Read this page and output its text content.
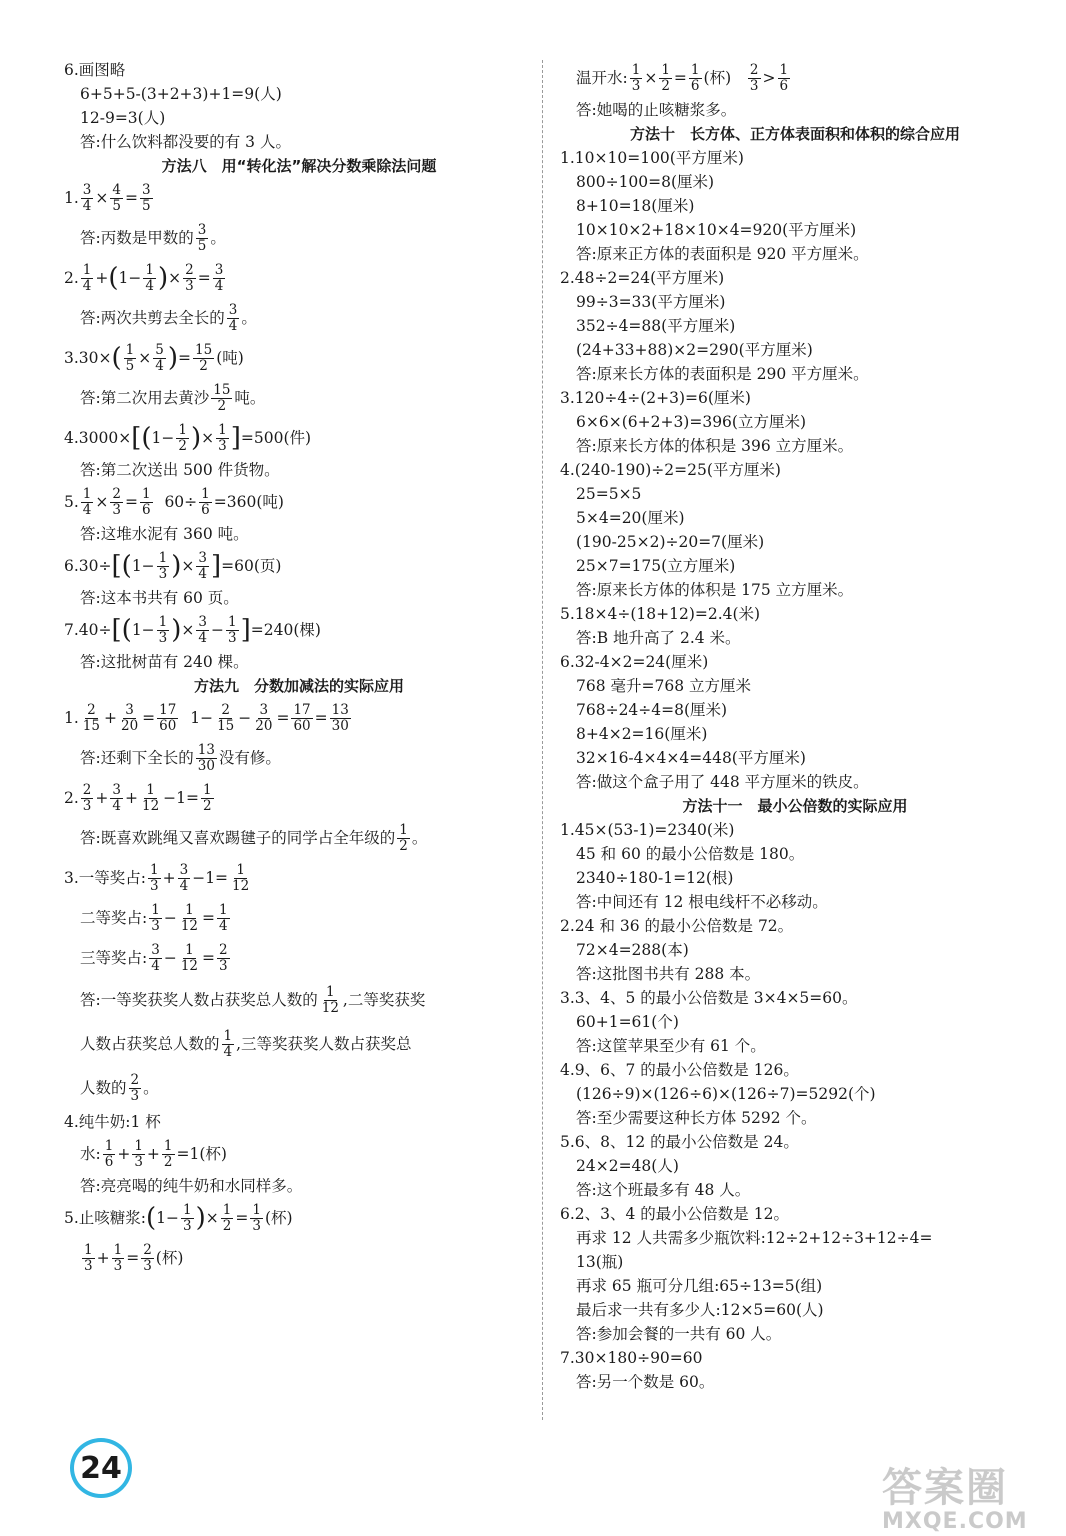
6.画图略
6+5+5-(3+2+3)+1=9(人)
12-9=3(人)
答:什么饮料都没要的有 3 人。
方法八　用“转化法”解决分数乘除法问题
1. $\frac{3}{4} \times \frac{4}{5} = \frac{3}{5}$
答:丙数是甲数的 $\frac{3}{5}$ 。
2. $\frac{1}{4}$ + ( $1- \frac{1}{4}$ ) × $\frac{2}{3} = \frac{3}{4}$
答:两次共剪去全长的 $\frac{3}{4}$ 。
3.30× ( $\frac{1}{5} \times \frac{5}{4}$ ) = $\frac{15}{2}$ (吨)
答:第二次用去黄沙 $\frac{15}{2}$ 吨。
4.3000× [ ( $1- \frac{1}{2}$ ) × $\frac{1}{3}$ ] =500(件)
答:第二次送出 500 件货物。
5. $\frac{1}{4} \times \frac{2}{3} = \frac{1}{6}$
$60\div \frac{1}{6} =360$(吨)
答:这堆水泥有 360 吨。
6.30÷ [ ( $1- \frac{1}{3}$ ) × $\frac{3}{4}$ ] =60(页)
答:这本书共有 60 页。
7.40÷ [ ( $1- \frac{1}{3}$ ) × $\frac{3}{4} - \frac{1}{3}$ ] =240(棵)
答:这批树苗有 240 棵。
方法九　分数加减法的实际应用
1. $\frac{2}{15} + \frac{3}{20} = \frac{17}{60} 1- \frac{2}{15} - \frac{3}{20} = \frac{17}{60} = \frac{13}{30}$
答:还剩下全长的 $\frac{13}{30}$ 没有修。
2. $\frac{2}{3} + \frac{3}{4} + \frac{1}{12} -1= \frac{1}{2}$
答:既喜欢跳绳又喜欢踢毽子的同学占全年级的 $\frac{1}{2}$ 。
3.一等奖占: $\frac{1}{3} + \frac{3}{4} -1= \frac{1}{12}$
二等奖占: $\frac{1}{3} - \frac{1}{12} = \frac{1}{4}$
三等奖占: $\frac{3}{4} - \frac{1}{12} = \frac{2}{3}$
答:一等奖获奖人数占获奖总人数的 $\frac{1}{12}$ ,二等奖获奖
人数占获奖总人数的 $\frac{1}{4}$ ,三等奖获奖人数占获奖总
人数的 $\frac{2}{3}$ 。
4.纯牛奶:1 杯
水: $\frac{1}{6} + \frac{1}{3} + \frac{1}{2} =1$(杯)
答:亮亮喝的纯牛奶和水同样多。
5.止咳糖浆: ( $1- \frac{1}{3}$ ) × $\frac{1}{2} = \frac{1}{3}$ (杯)
$\frac{1}{3} + \frac{1}{3} = \frac{2}{3}$ (杯)
温开水: $\frac{1}{3} \times \frac{1}{2} = \frac{1}{6}$ (杯)
$\frac{2}{3} > \frac{1}{6}$
答:她喝的止咳糖浆多。
方法十　长方体、正方体表面积和体积的综合应用
1.10×10=100(平方厘米)
800÷100=8(厘米)
8+10=18(厘米)
10×10×2+18×10×4=920(平方厘米)
答:原来正方体的表面积是 920 平方厘米。
2.48÷2=24(平方厘米)
99÷3=33(平方厘米)
352÷4=88(平方厘米)
(24+33+88)×2=290(平方厘米)
答:原来长方体的表面积是 290 平方厘米。
3.120÷4÷(2+3)=6(厘米)
6×6×(6+2+3)=396(立方厘米)
答:原来长方体的体积是 396 立方厘米。
4.(240-190)÷2=25(平方厘米)
25=5×5
5×4=20(厘米)
(190-25×2)÷20=7(厘米)
25×7=175(立方厘米)
答:原来长方体的体积是 175 立方厘米。
5.18×4÷(18+12)=2.4(米)
答:B 地升高了 2.4 米。
6.32-4×2=24(厘米)
768 毫升=768 立方厘米
768÷24÷4=8(厘米)
8+4×2=16(厘米)
32×16-4×4×4=448(平方厘米)
答:做这个盒子用了 448 平方厘米的铁皮。
方法十一　最小公倍数的实际应用
1.45×(53-1)=2340(米)
45 和 60 的最小公倍数是 180。
2340÷180-1=12(根)
答:中间还有 12 根电线杆不必移动。
2.24 和 36 的最小公倍数是 72。
72×4=288(本)
答:这批图书共有 288 本。
3.3、4、5 的最小公倍数是 3×4×5=60。
60+1=61(个)
答:这筐苹果至少有 61 个。
4.9、6、7 的最小公倍数是 126。
(126÷9)×(126÷6)×(126÷7)=5292(个)
答:至少需要这种长方体 5292 个。
5.6、8、12 的最小公倍数是 24。
24×2=48(人)
答:这个班最多有 48 人。
6.2、3、4 的最小公倍数是 12。
再求 12 人共需多少瓶饮料:12÷2+12÷3+12÷4=
13(瓶)
再求 65 瓶可分几组:65÷13=5(组)
最后求一共有多少人:12×5=60(人)
答:参加会餐的一共有 60 人。
7.30×180÷90=60
答:另一个数是 60。
24	答案圈
MXQE.COM
